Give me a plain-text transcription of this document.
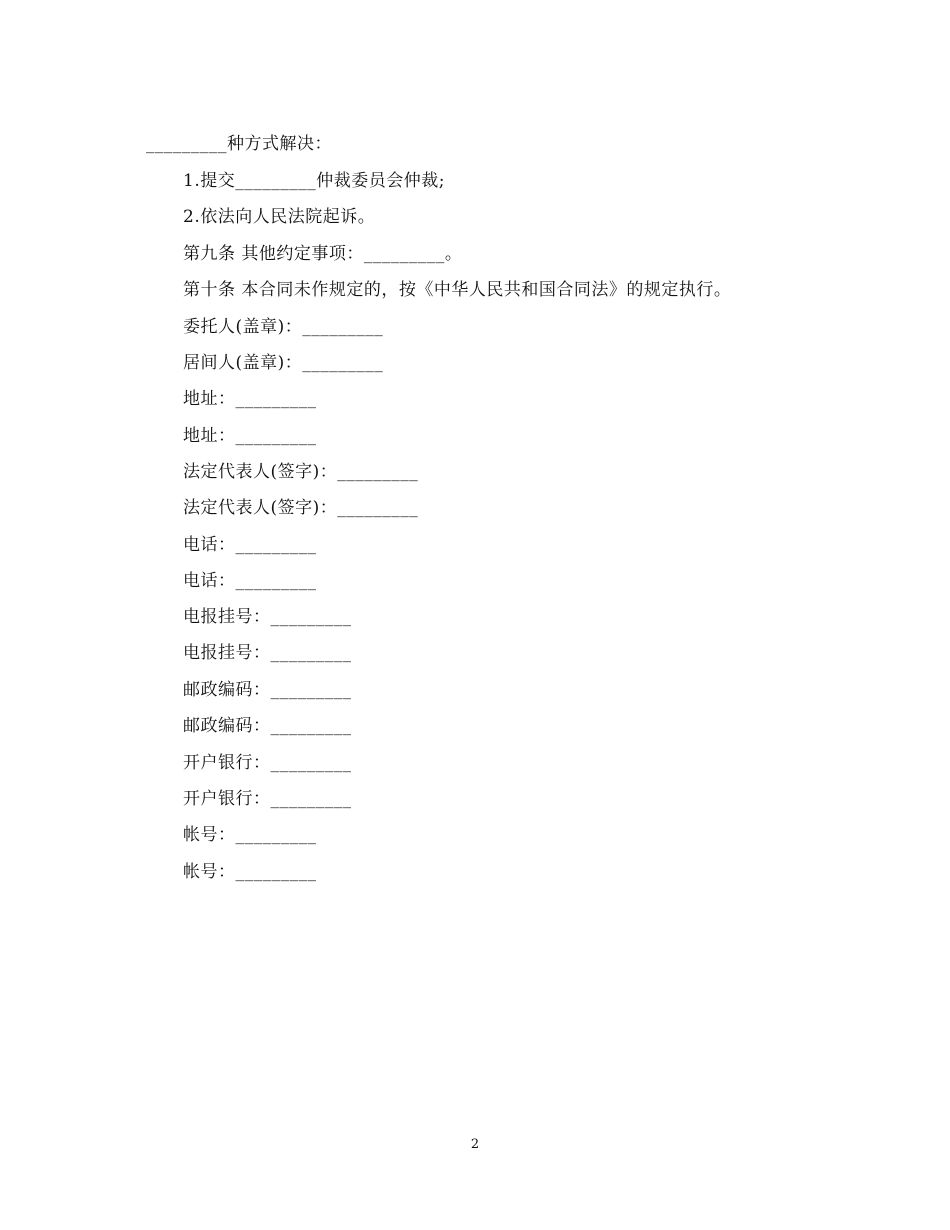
_________种方式解决：
1.提交_________仲裁委员会仲裁;
2.依法向人民法院起诉。
第九条 其他约定事项：_________。
第十条 本合同未作规定的，按《中华人民共和国合同法》的规定执行。
委托人(盖章)：_________
居间人(盖章)：_________
地址：_________
地址：_________
法定代表人(签字)：_________
法定代表人(签字)：_________
电话：_________
电话：_________
电报挂号：_________
电报挂号：_________
邮政编码：_________
邮政编码：_________
开户银行：_________
开户银行：_________
帐号：_________
帐号：_________
2
